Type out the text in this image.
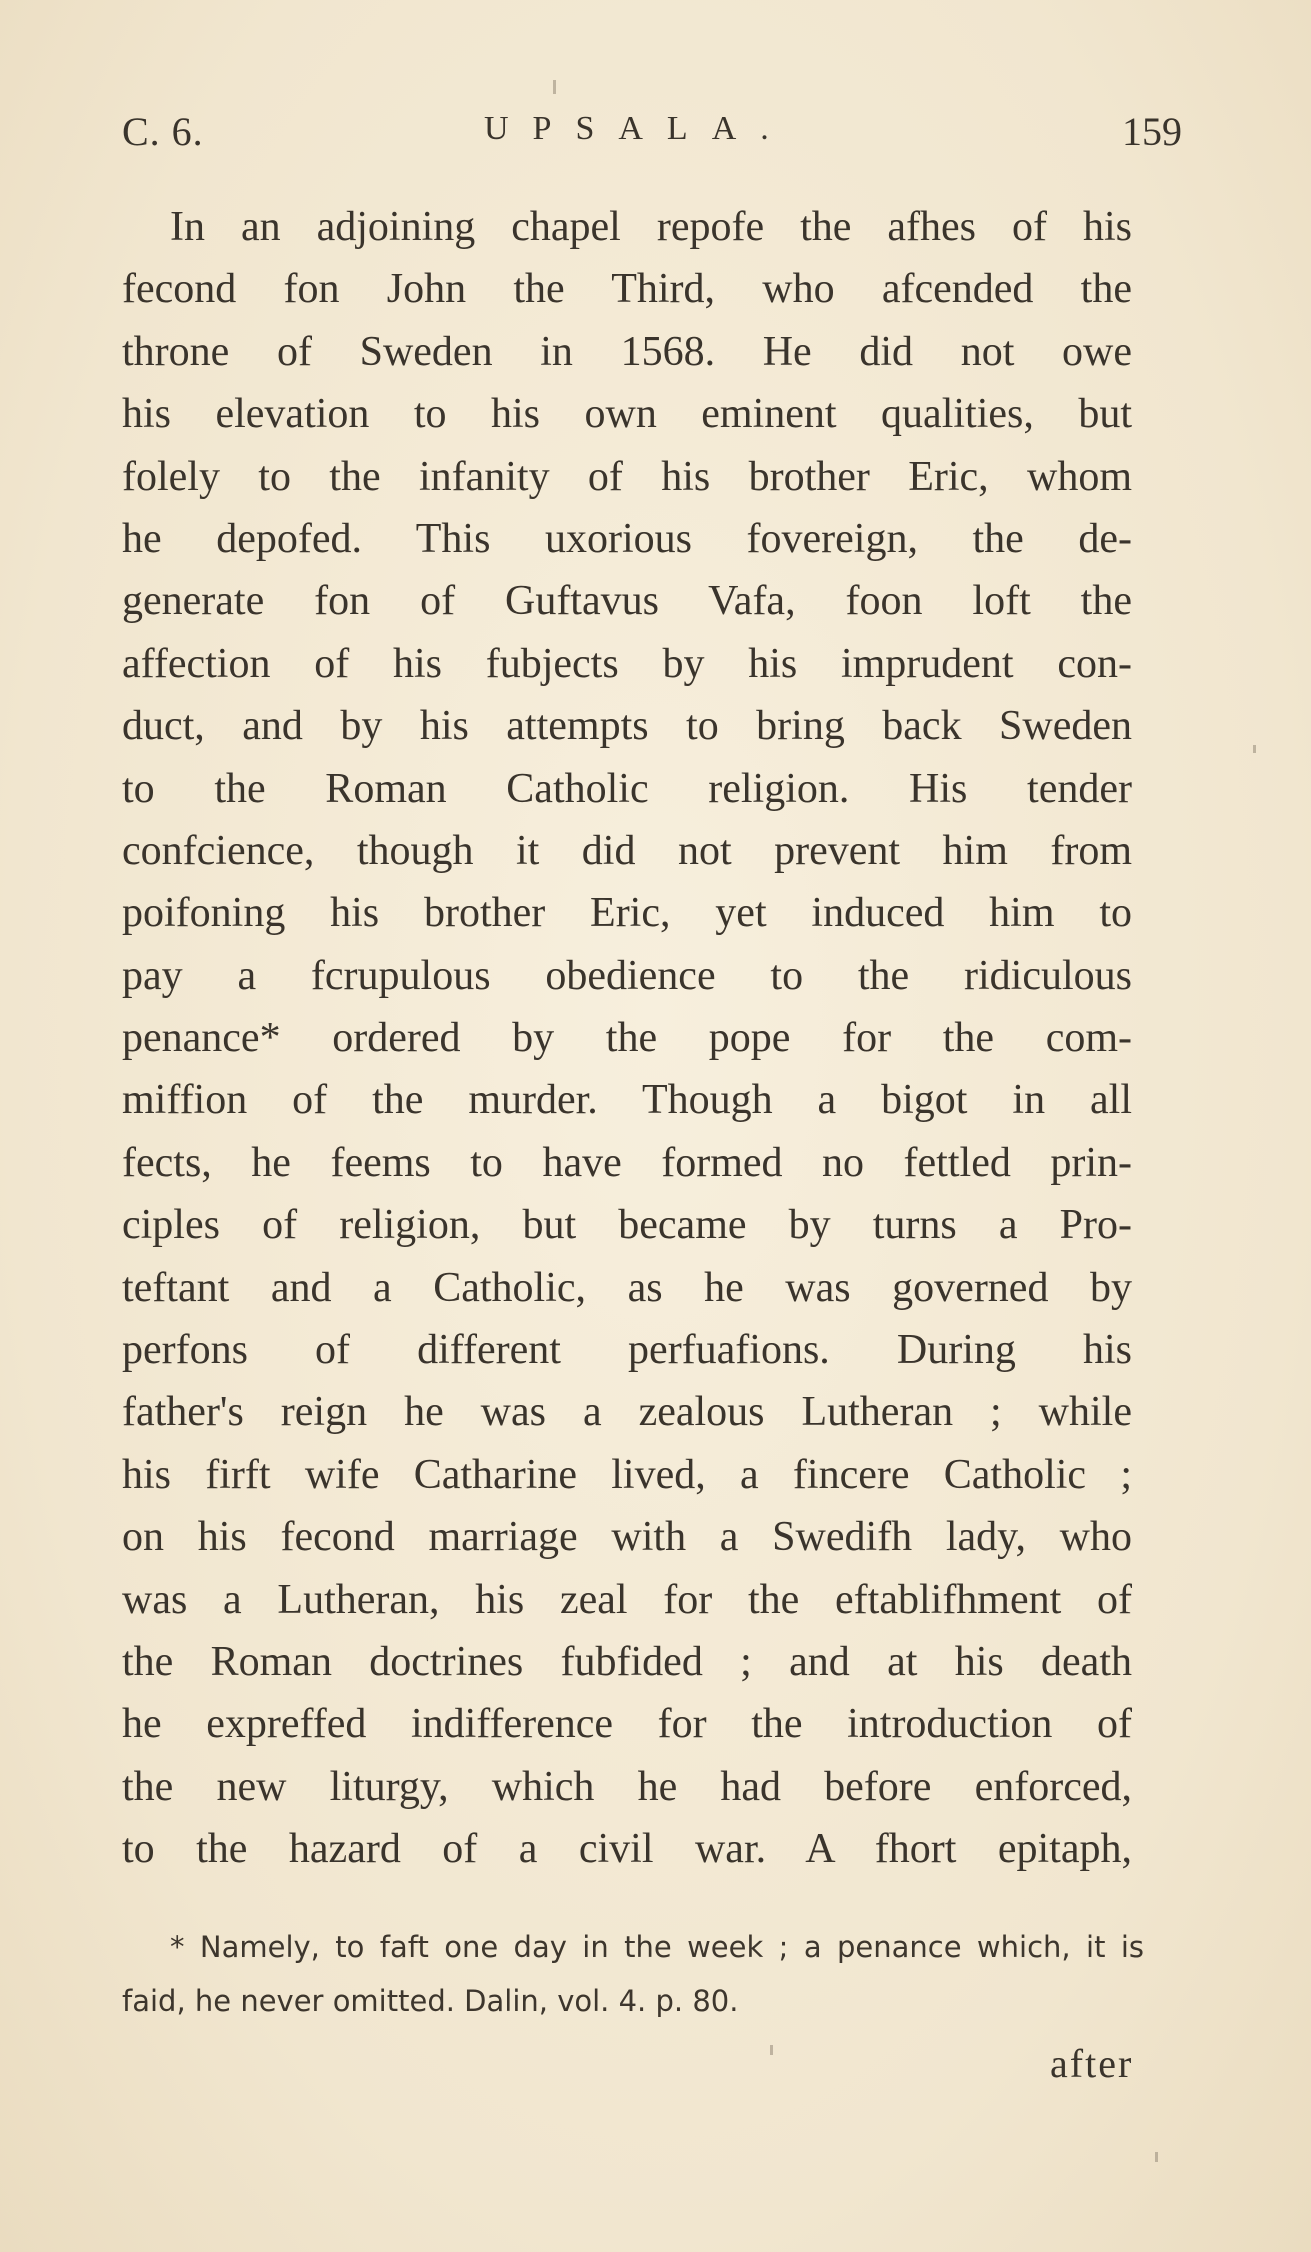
C. 6.	UPSALA.	159
In an adjoining chapel repofe the afhes of his
fecond fon John the Third, who afcended the
throne of Sweden in 1568. He did not owe
his elevation to his own eminent qualities, but
folely to the infanity of his brother Eric, whom
he depofed. This uxorious fovereign, the de-
generate fon of Guftavus Vafa, foon loft the
affection of his fubjects by his imprudent con-
duct, and by his attempts to bring back Sweden
to the Roman Catholic religion. His tender
confcience, though it did not prevent him from
poifoning his brother Eric, yet induced him to
pay a fcrupulous obedience to the ridiculous
penance* ordered by the pope for the com-
miffion of the murder. Though a bigot in all
fects, he feems to have formed no fettled prin-
ciples of religion, but became by turns a Pro-
teftant and a Catholic, as he was governed by
perfons of different perfuafions. During his
father's reign he was a zealous Lutheran ; while
his firft wife Catharine lived, a fincere Catholic ;
on his fecond marriage with a Swedifh lady, who
was a Lutheran, his zeal for the eftablifhment of
the Roman doctrines fubfided ; and at his death
he expreffed indifference for the introduction of
the new liturgy, which he had before enforced,
to the hazard of a civil war. A fhort epitaph,
* Namely, to faft one day in the week ; a penance which, it is
faid, he never omitted. Dalin, vol. 4. p. 80.
after
